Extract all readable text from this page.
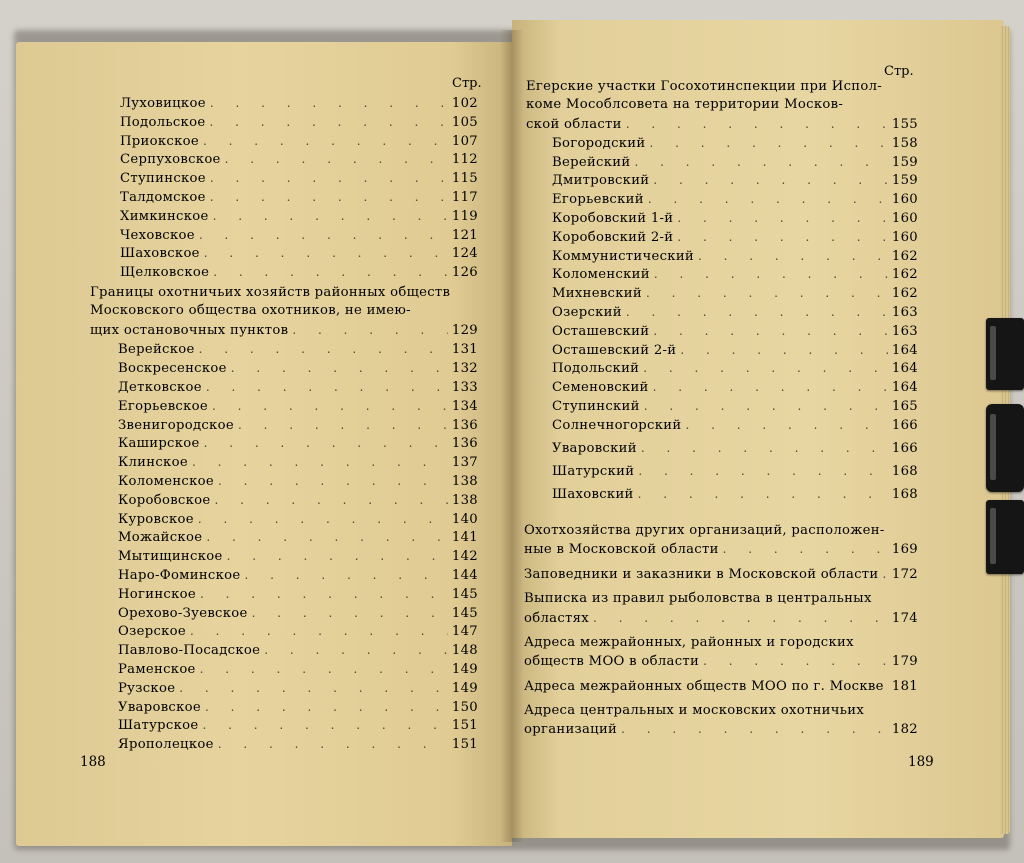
Луховицкое . . .	102
Подольское . . .	105
Приокское . . .	107
Серпуховское . . .	112
Ступинское . . .	115
Талдомское . . .	117
Химкинское . . .	119
Чеховское . . .	121
Шаховское . . .	124
Щелковское . . .	126
Границы охотничьих хозяйств районных обществ
Московского общества охотников, не имею-
щих остановочных пунктов . . .	129
Верейское . . .	131
Воскресенское . . .	132
Детковское . . .	133
Егорьевское . . .	134
Звенигородское . . .	136
Каширское . . .	136
Клинское . . .	137
Коломенское . . .	138
Коробовское . . .	138
Куровское . . .	140
Можайское . . .	141
Мытищинское . . .	142
Наро-Фоминское . . .	144
Ногинское . . .	145
Орехово-Зуевское . . .	145
Озерское . . .	147
Павлово-Посадское . . .	148
Раменское . . .	149
Рузское . . .	149
Уваровское . . .	150
Шатурское . . .	151
Ярополецкое . . .	151
Егерские участки Госохотинспекции при Испол-
коме Мособлсовета на территории Москов-
ской области . . .	155
Богородский . . .	158
Верейский . . .	159
Дмитровский . . .	159
Егорьевский . . .	160
Коробовский 1-й . . .	160
Коробовский 2-й . . .	160
Коммунистический . . .	162
Коломенский . . .	162
Михневский . . .	162
Озерский . . .	163
Осташевский . . .	163
Осташевский 2-й . . .	164
Подольский . . .	164
Семеновский . . .	164
Ступинский . . .	165
Солнечногорский . . .	166
Уваровский . . .	166
Шатурский . . .	168
Шаховский . . .	168
Охотхозяйства других организаций, расположен-
ные в Московской области . . .	169
Заповедники и заказники в Московской области . . . 172
Выписка из правил рыболовства в центральных
областях . . .	174
Адреса межрайонных, районных и городских
обществ МОО в области . . .	179
Адреса межрайонных обществ МОО по г. Москве . . . 181
Адреса центральных и московских охотничьих
организаций . . .	182
Стр.
Стр.
188	189
